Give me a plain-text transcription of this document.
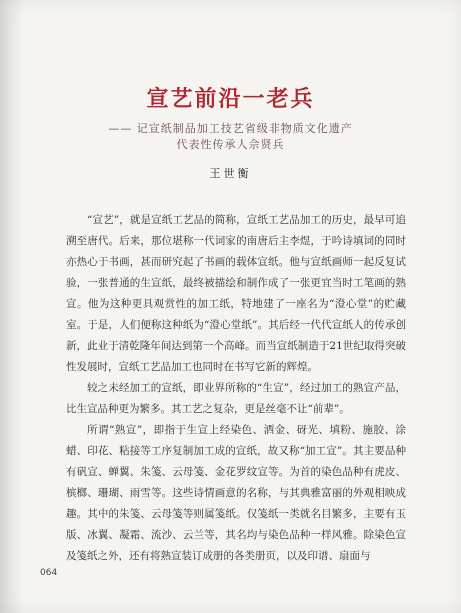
宣艺前沿一老兵

—— 记宣纸制品加工技艺省级非物质文化遗产

代表性传承人佘贤兵

王世衡

“宣艺”，就是宣纸工艺品的简称，宣纸工艺品加工的历史，最早可追溯至唐代。后来，那位堪称一代词家的南唐后主李煜，于吟诗填词的同时亦热心于书画，甚而研究起了书画的载体宣纸。他与宣纸画师一起反复试验，一张普通的生宣纸，最终被描绘和制作成了一张更宜当时工笔画的熟宣。他为这种更具观赏性的加工纸，特地建了一座名为“澄心堂”的贮藏室。于是，人们便称这种纸为“澄心堂纸”。其后经一代代宣纸人的传承创新，此业于清乾隆年间达到第一个高峰。而当宣纸制造于21世纪取得突破性发展时，宣纸工艺品加工也同时在书写它新的辉煌。

较之未经加工的宣纸，即业界所称的“生宣”，经过加工的熟宣产品，比生宣品种更为繁多。其工艺之复杂，更是丝毫不让“前辈”。

所谓“熟宣”，即指于生宣上经染色、洒金、砑光、填粉、施胶、涂蜡、印花、粘接等工序复制加工成的宣纸，故又称“加工宣”。其主要品种有矾宣、蝉翼、朱笺、云母笺、金花罗纹宣等。为首的染色品种有虎皮、槟榔、珊瑚、雨雪等。这些诗情画意的名称，与其典雅富丽的外观相映成趣。其中的朱笺、云母笺等则属笺纸。仅笺纸一类就名目繁多，主要有玉版、冰翼、凝霜、流沙、云兰等，其名均与染色品种一样风雅。除染色宣及笺纸之外，还有将熟宣装订成册的各类册页，以及印谱、扇面与

064
